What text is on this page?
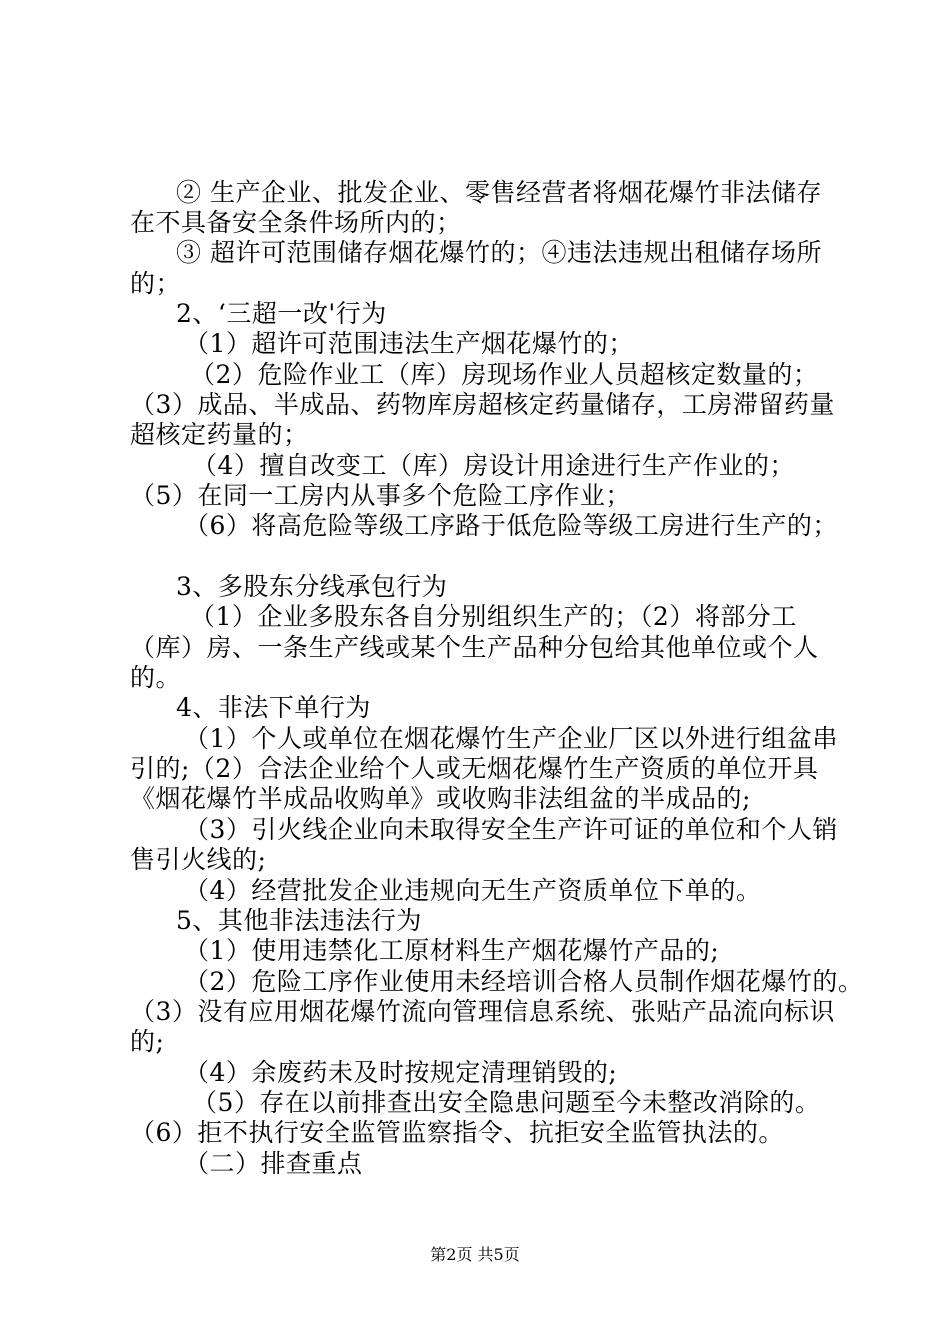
② 生产企业、批发企业、零售经营者将烟花爆竹非法储存
在不具备安全条件场所内的；
③ 超许可范围储存烟花爆竹的；④违法违规出租储存场所
的；
2、‘三超一改'行为
（1）超许可范围违法生产烟花爆竹的；
（2）危险作业工（库）房现场作业人员超核定数量的；
（3）成品、半成品、药物库房超核定药量储存，工房滞留药量
超核定药量的；
（4）擅自改变工（库）房设计用途进行生产作业的；
（5）在同一工房内从事多个危险工序作业；
（6）将高危险等级工序路于低危险等级工房进行生产的；
3、多股东分线承包行为
（1）企业多股东各自分别组织生产的；（2）将部分工
（库）房、一条生产线或某个生产品种分包给其他单位或个人
的。
4、非法下单行为
（1）个人或单位在烟花爆竹生产企业厂区以外进行组盆串
引的;（2）合法企业给个人或无烟花爆竹生产资质的单位开具
《烟花爆竹半成品收购单》或收购非法组盆的半成品的;
（3）引火线企业向未取得安全生产许可证的单位和个人销
售引火线的;
（4）经营批发企业违规向无生产资质单位下单的。
5、其他非法违法行为
（1）使用违禁化工原材料生产烟花爆竹产品的;
（2）危险工序作业使用未经培训合格人员制作烟花爆竹的。
（3）没有应用烟花爆竹流向管理信息系统、张贴产品流向标识
的;
（4）余废药未及时按规定清理销毁的;
（5）存在以前排查出安全隐患问题至今未整改消除的。
（6）拒不执行安全监管监察指令、抗拒安全监管执法的。
（二）排查重点
第2页 共5页
